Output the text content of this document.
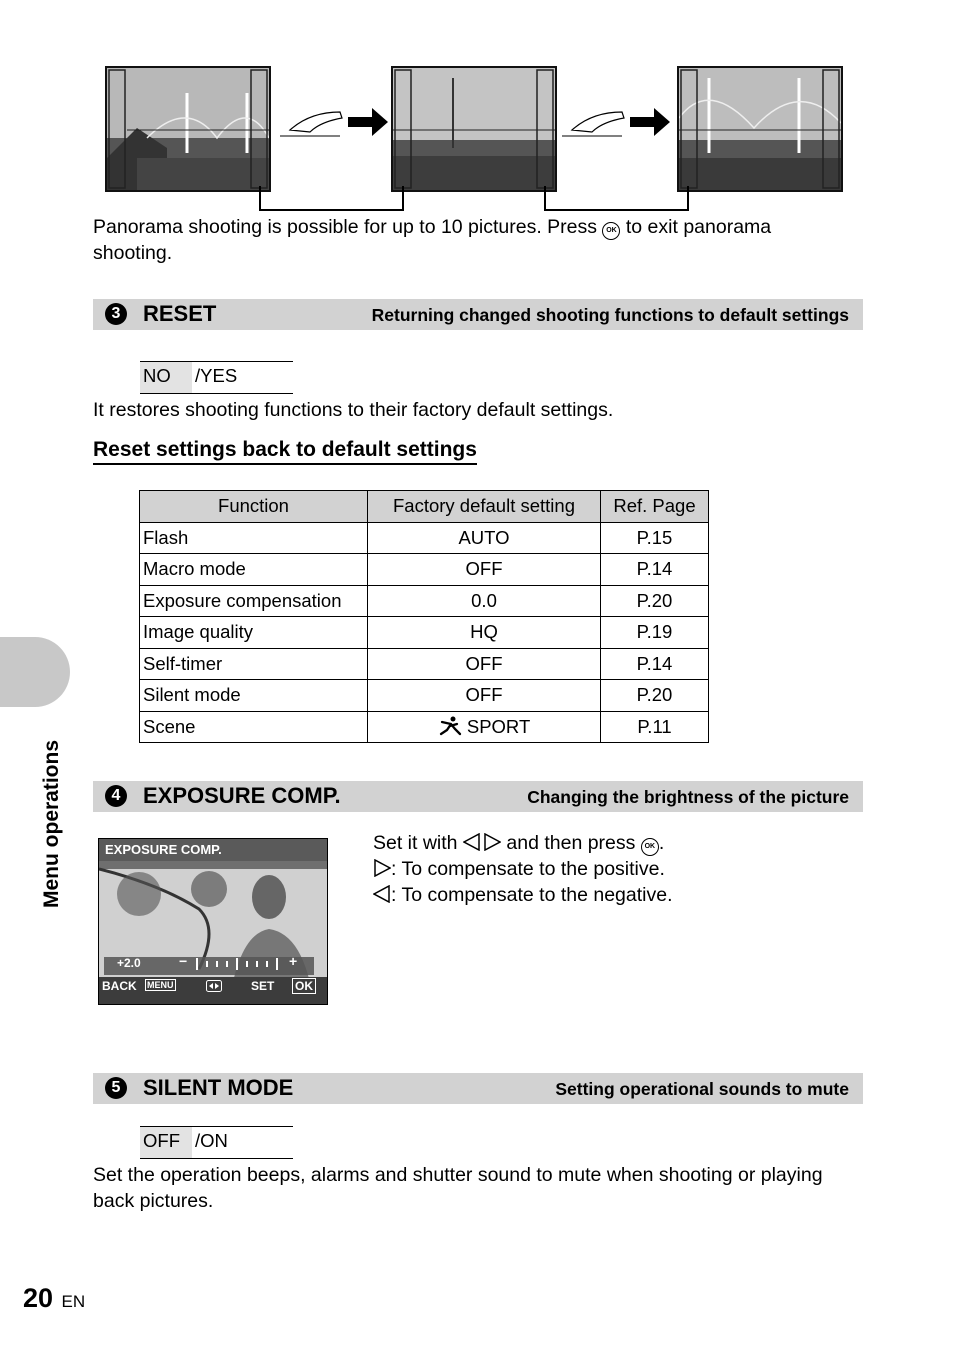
Panorama shooting is possible for up to 10 pictures. Press OK to exit panorama
shooting.
3 RESET	Returning changed shooting functions to default settings
NO /YES
It restores shooting functions to their factory default settings.
Reset settings back to default settings
Function	Factory default setting	Ref. Page
Flash	AUTO	P.15
Macro mode	OFF	P.14
Exposure compensation	0.0	P.20
Image quality	HQ	P.19
Self-timer	OFF	P.14
Silent mode	OFF	P.20
Scene	SPORT	P.11
4 EXPOSURE COMP.	Changing the brightness of the picture
EXPOSURE COMP.
+2.0	−	+
BACK MENU	SET OK
Set it with	and then press OK .
: To compensate to the positive.
: To compensate to the negative.
5 SILENT MODE	Setting operational sounds to mute
OFF /ON
Set the operation beeps, alarms and shutter sound to mute when shooting or playing
back pictures.
Menu operations
20 EN
